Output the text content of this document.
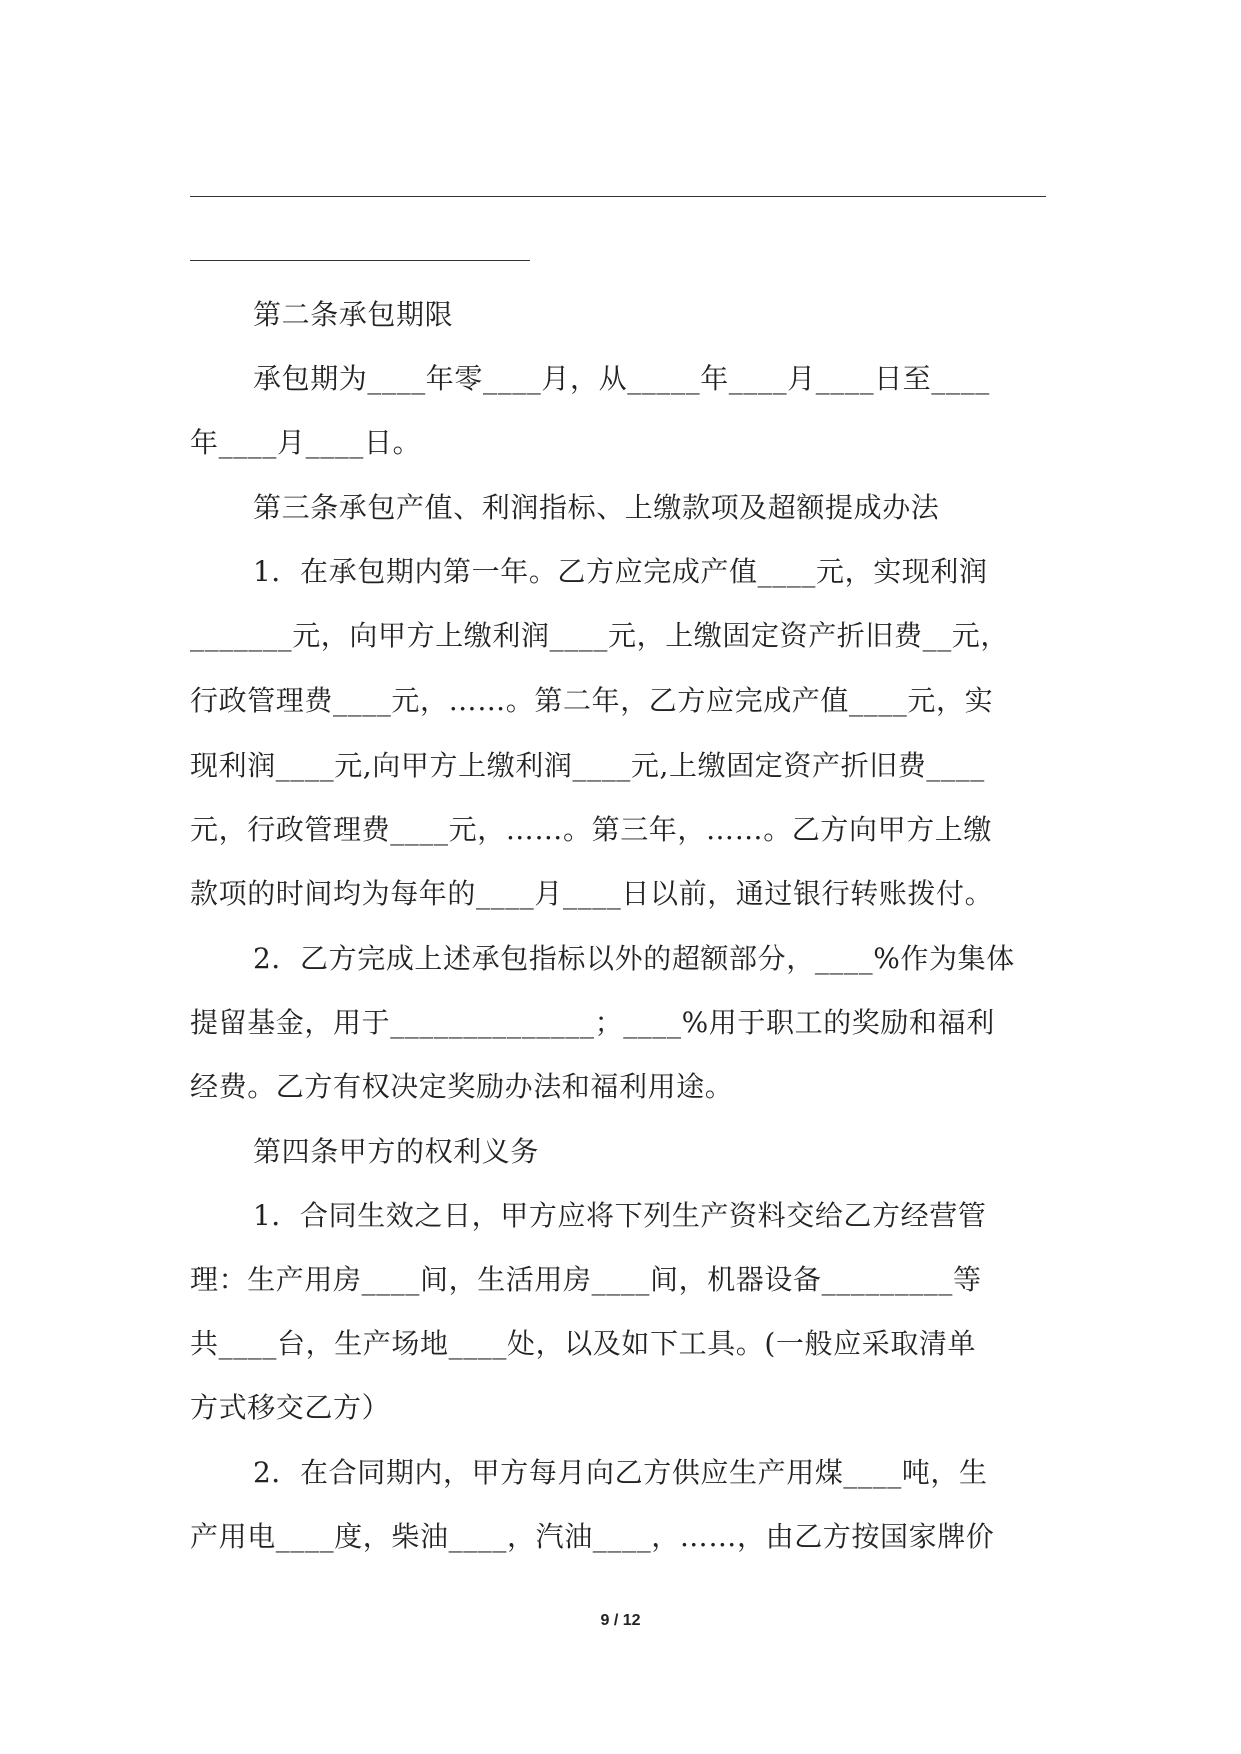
第二条承包期限
承包期为____年零____月，从_____年____月____日至____
年____月____日。
第三条承包产值、利润指标、上缴款项及超额提成办法
1．在承包期内第一年。乙方应完成产值____元，实现利润
_______元，向甲方上缴利润____元，上缴固定资产折旧费__元，
行政管理费____元，……。第二年，乙方应完成产值____元，实
现利润____元,向甲方上缴利润____元,上缴固定资产折旧费____
元，行政管理费____元，……。第三年，……。乙方向甲方上缴
款项的时间均为每年的____月____日以前，通过银行转账拨付。
2．乙方完成上述承包指标以外的超额部分，____%作为集体
提留基金，用于______________；____%用于职工的奖励和福利
经费。乙方有权决定奖励办法和福利用途。
第四条甲方的权利义务
1．合同生效之日，甲方应将下列生产资料交给乙方经营管
理：生产用房____间，生活用房____间，机器设备_________等
共____台，生产场地____处，以及如下工具。(一般应采取清单
方式移交乙方）
2．在合同期内，甲方每月向乙方供应生产用煤____吨，生
产用电____度，柴油____，汽油____，……，由乙方按国家牌价
9 / 12
